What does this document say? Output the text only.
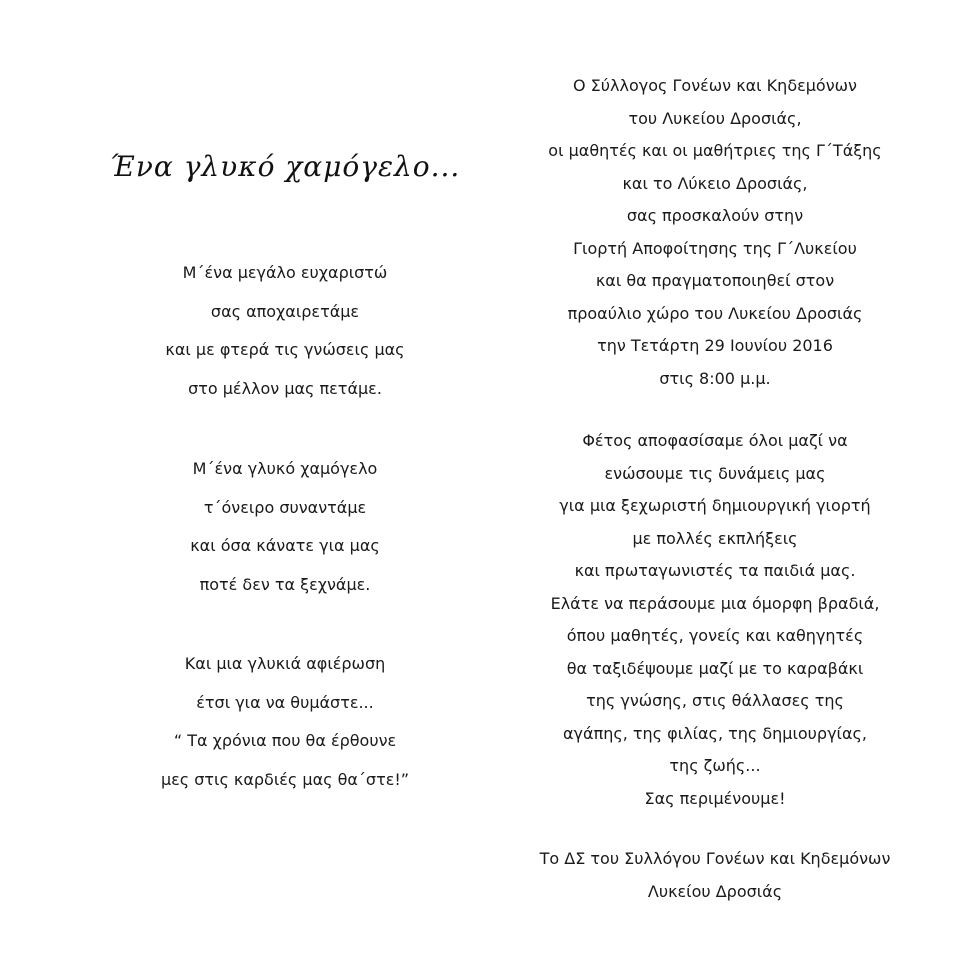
Ένα γλυκό χαμόγελο...
Μ΄ένα μεγάλο ευχαριστώ
σας αποχαιρετάμε
και με φτερά τις γνώσεις μας
στο μέλλον μας πετάμε.
Μ΄ένα γλυκό χαμόγελο
τ΄όνειρο συναντάμε
και όσα κάνατε για μας
ποτέ δεν τα ξεχνάμε.
Και μια γλυκιά αφιέρωση
έτσι για να θυμάστε...
“ Τα χρόνια που θα έρθουνε
μες στις καρδιές μας θα΄στε!”
Ο Σύλλογος Γονέων και Κηδεμόνων
του Λυκείου Δροσιάς,
οι μαθητές και οι μαθήτριες της Γ΄Τάξης
και το Λύκειο Δροσιάς,
σας προσκαλούν στην
Γιορτή Αποφοίτησης της Γ΄Λυκείου
και θα πραγματοποιηθεί στον
προαύλιο χώρο του Λυκείου Δροσιάς
την Τετάρτη 29 Ιουνίου 2016
στις 8:00 μ.μ.
Φέτος αποφασίσαμε όλοι μαζί να
ενώσουμε τις δυνάμεις μας
για μια ξεχωριστή δημιουργική γιορτή
με πολλές εκπλήξεις
και πρωταγωνιστές τα παιδιά μας.
Ελάτε να περάσουμε μια όμορφη βραδιά,
όπου μαθητές, γονείς και καθηγητές
θα ταξιδέψουμε μαζί με το καραβάκι
της γνώσης, στις θάλλασες της
αγάπης, της φιλίας, της δημιουργίας,
της ζωής...
Σας περιμένουμε!
Το ΔΣ του Συλλόγου Γονέων και Κηδεμόνων
Λυκείου Δροσιάς
